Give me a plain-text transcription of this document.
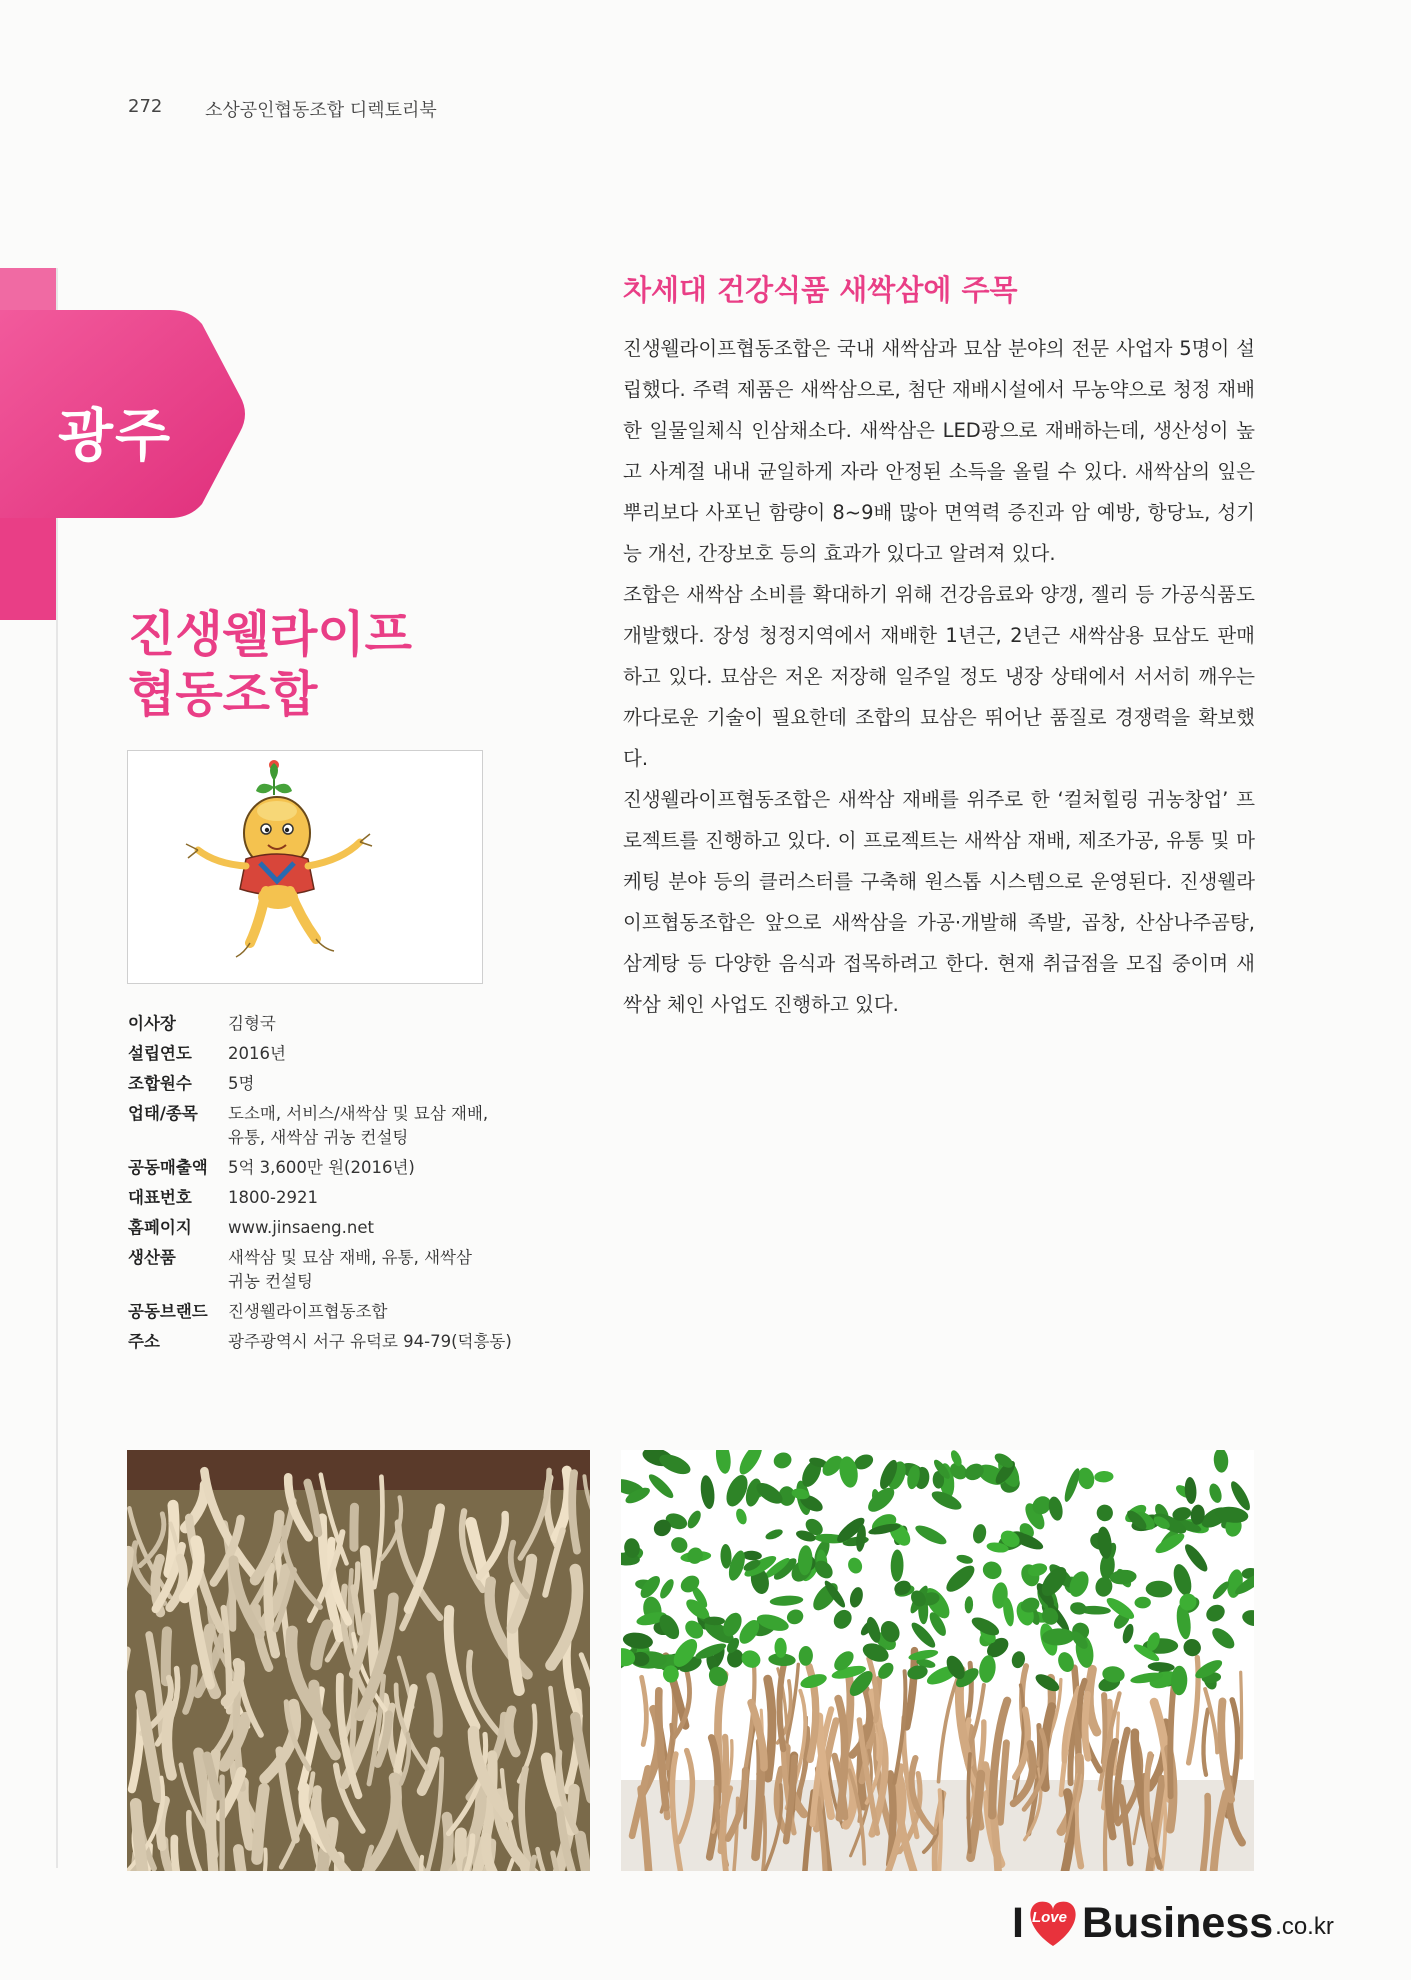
272 소상공인협동조합 디렉토리북
광주
진생웰라이프
협동조합
이사장	김형국
설립연도	2016년
조합원수	5명
업태/종목	도소매, 서비스/새싹삼 및 묘삼 재배,
유통, 새싹삼 귀농 컨설팅
공동매출액	5억 3,600만 원(2016년)
대표번호	1800-2921
홈페이지	www.jinsaeng.net
생산품	새싹삼 및 묘삼 재배, 유통, 새싹삼
귀농 컨설팅
공동브랜드	진생웰라이프협동조합
주소	광주광역시 서구 유덕로 94-79(덕흥동)
차세대 건강식품 새싹삼에 주목

진생웰라이프협동조합은 국내 새싹삼과 묘삼 분야의 전문 사업자 5명이 설립했다. 주력 제품은 새싹삼으로, 첨단 재배시설에서 무농약으로 청정 재배한 일물일체식 인삼채소다. 새싹삼은 LED광으로 재배하는데, 생산성이 높고 사계절 내내 균일하게 자라 안정된 소득을 올릴 수 있다. 새싹삼의 잎은 뿌리보다 사포닌 함량이 8~9배 많아 면역력 증진과 암 예방, 항당뇨, 성기능 개선, 간장보호 등의 효과가 있다고 알려져 있다.

조합은 새싹삼 소비를 확대하기 위해 건강음료와 양갱, 젤리 등 가공식품도 개발했다. 장성 청정지역에서 재배한 1년근, 2년근 새싹삼용 묘삼도 판매하고 있다. 묘삼은 저온 저장해 일주일 정도 냉장 상태에서 서서히 깨우는 까다로운 기술이 필요한데 조합의 묘삼은 뛰어난 품질로 경쟁력을 확보했다.

진생웰라이프협동조합은 새싹삼 재배를 위주로 한 ‘컬처힐링 귀농창업’ 프로젝트를 진행하고 있다. 이 프로젝트는 새싹삼 재배, 제조가공, 유통 및 마케팅 분야 등의 클러스터를 구축해 원스톱 시스템으로 운영된다. 진생웰라이프협동조합은 앞으로 새싹삼을 가공·개발해 족발, 곱창, 산삼나주곰탕, 삼계탕 등 다양한 음식과 접목하려고 한다. 현재 취급점을 모집 중이며 새싹삼 체인 사업도 진행하고 있다.

I Love Business .co.kr
